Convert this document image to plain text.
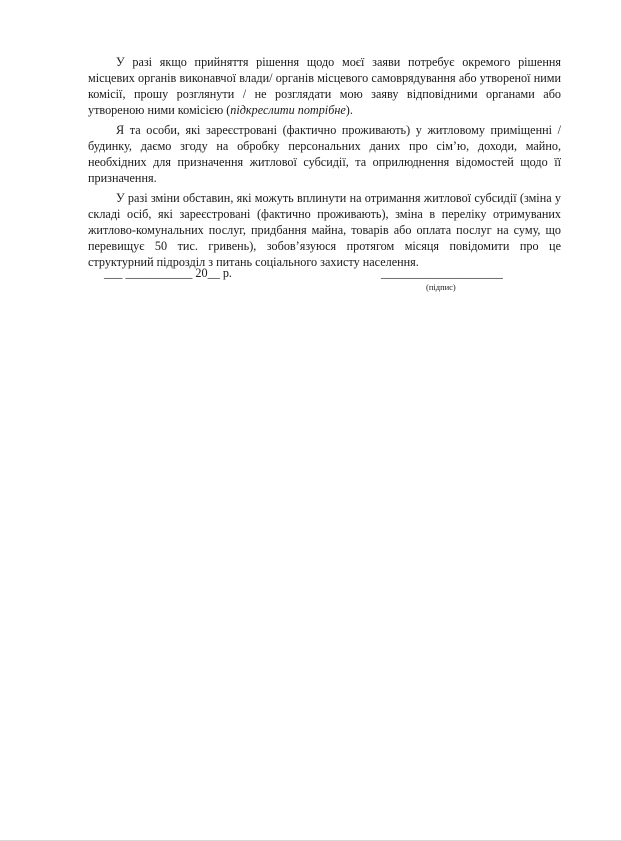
У разі якщо прийняття рішення щодо моєї заяви потребує окремого рішення місцевих органів виконавчої влади/ органів місцевого самоврядування або утвореної ними комісії, прошу розглянути / не розглядати мою заяву відповідними органами або утвореною ними комісією (підкреслити потрібне).

Я та особи, які зареєстровані (фактично проживають) у житловому приміщенні / будинку, даємо згоду на обробку персональних даних про сім’ю, доходи, майно, необхідних для призначення житлової субсидії, та оприлюднення відомостей щодо її призначення.

У разі зміни обставин, які можуть вплинути на отримання житлової субсидії (зміна у складі осіб, які зареєстровані (фактично проживають), зміна в переліку отримуваних житлово-комунальних послуг, придбання майна, товарів або оплата послуг на суму, що перевищує 50 тис. гривень), зобов’язуюся протягом місяця повідомити про це структурний підрозділ з питань соціального захисту населення.

___ ___________ 20__ р.	____________________
(підпис)
